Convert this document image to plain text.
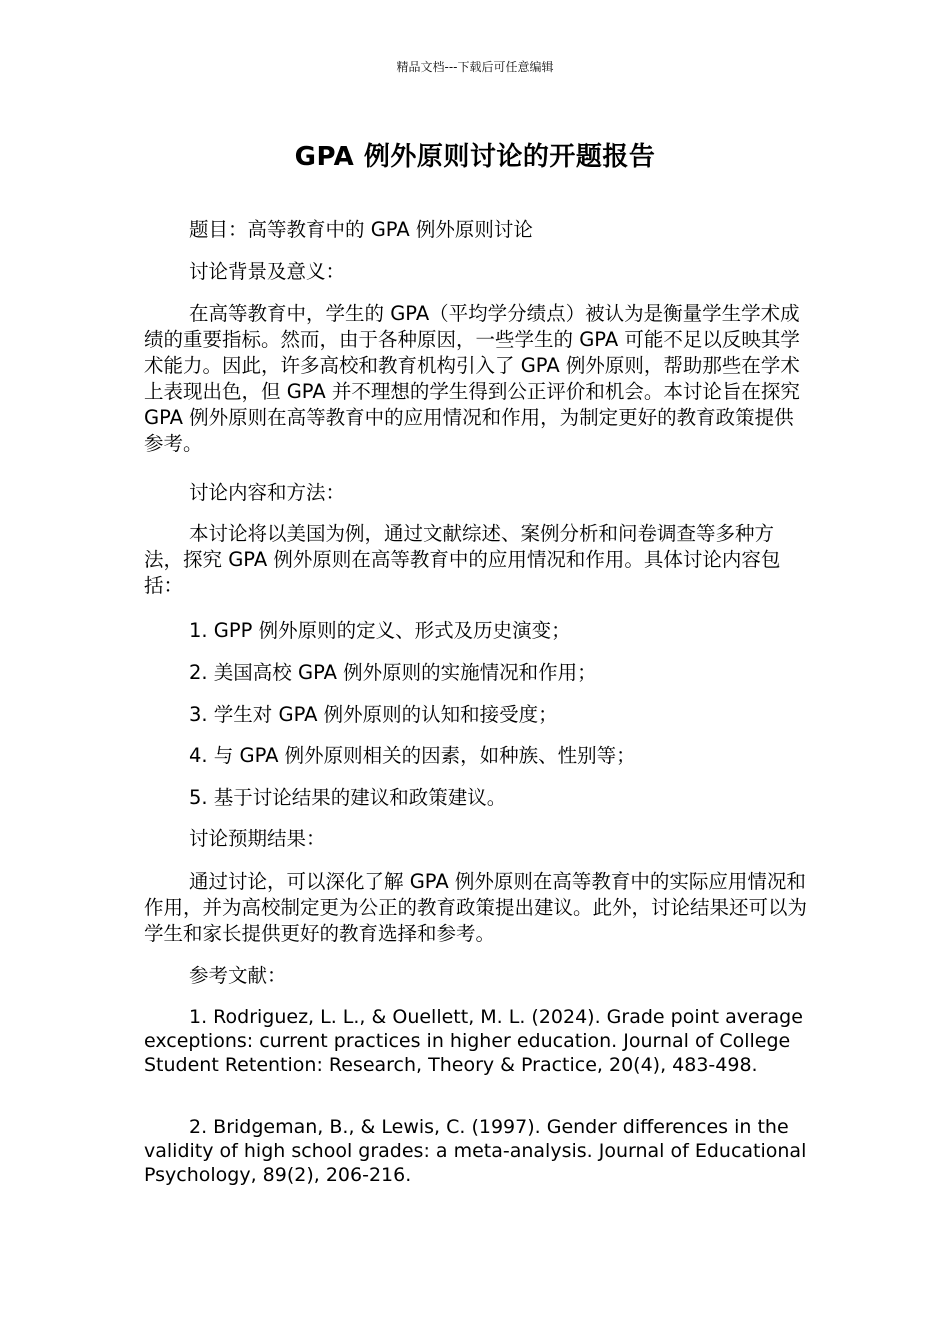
精品文档---下载后可任意编辑
GPA 例外原则讨论的开题报告

题目：高等教育中的 GPA 例外原则讨论

讨论背景及意义：

在高等教育中，学生的 GPA（平均学分绩点）被认为是衡量学生学术成绩的重要指标。然而，由于各种原因，一些学生的 GPA 可能不足以反映其学术能力。因此，许多高校和教育机构引入了 GPA 例外原则，帮助那些在学术上表现出色，但 GPA 并不理想的学生得到公正评价和机会。本讨论旨在探究 GPA 例外原则在高等教育中的应用情况和作用，为制定更好的教育政策提供参考。

讨论内容和方法：

本讨论将以美国为例，通过文献综述、案例分析和问卷调查等多种方法，探究 GPA 例外原则在高等教育中的应用情况和作用。具体讨论内容包括：

1. GPP 例外原则的定义、形式及历史演变；

2. 美国高校 GPA 例外原则的实施情况和作用；

3. 学生对 GPA 例外原则的认知和接受度；

4. 与 GPA 例外原则相关的因素，如种族、性别等；

5. 基于讨论结果的建议和政策建议。

讨论预期结果：

通过讨论，可以深化了解 GPA 例外原则在高等教育中的实际应用情况和作用，并为高校制定更为公正的教育政策提出建议。此外，讨论结果还可以为学生和家长提供更好的教育选择和参考。

参考文献：

1. Rodriguez, L. L., & Ouellett, M. L. (2024). Grade point average exceptions: current practices in higher education. Journal of College Student Retention: Research, Theory & Practice, 20(4), 483-498.

2. Bridgeman, B., & Lewis, C. (1997). Gender differences in the validity of high school grades: a meta-analysis. Journal of Educational Psychology, 89(2), 206-216.
